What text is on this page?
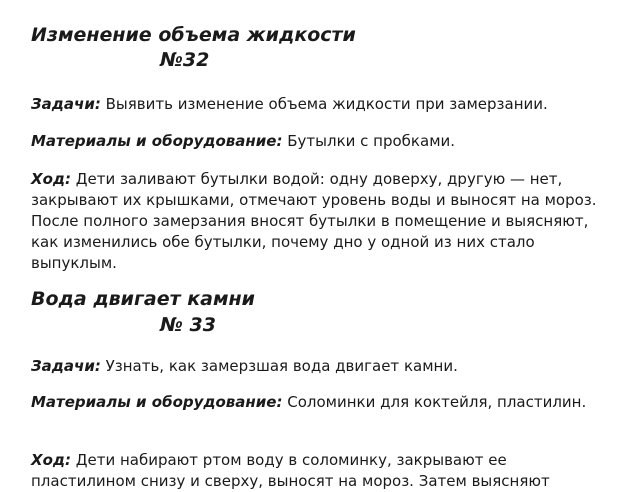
Изменение объема жидкости
№32
Задачи: Выявить изменение объема жидкости при замерзании.
Материалы и оборудование: Бутылки с пробками.
Ход: Дети заливают бутылки водой: одну доверху, другую — нет, закрывают их крышками, отмечают уровень воды и выносят на мороз. После полного замерзания вносят бутылки в помещение и выясняют, как изменились обе бутылки, почему дно у одной из них стало выпуклым.
Вода двигает камни
№ 33
Задачи: Узнать, как замерзшая вода двигает камни.
Материалы и оборудование: Соломинки для коктейля, пластилин.
Ход: Дети набирают ртом воду в соломинку, закрывают ее пластилином снизу и сверху, выносят на мороз. Затем выясняют
